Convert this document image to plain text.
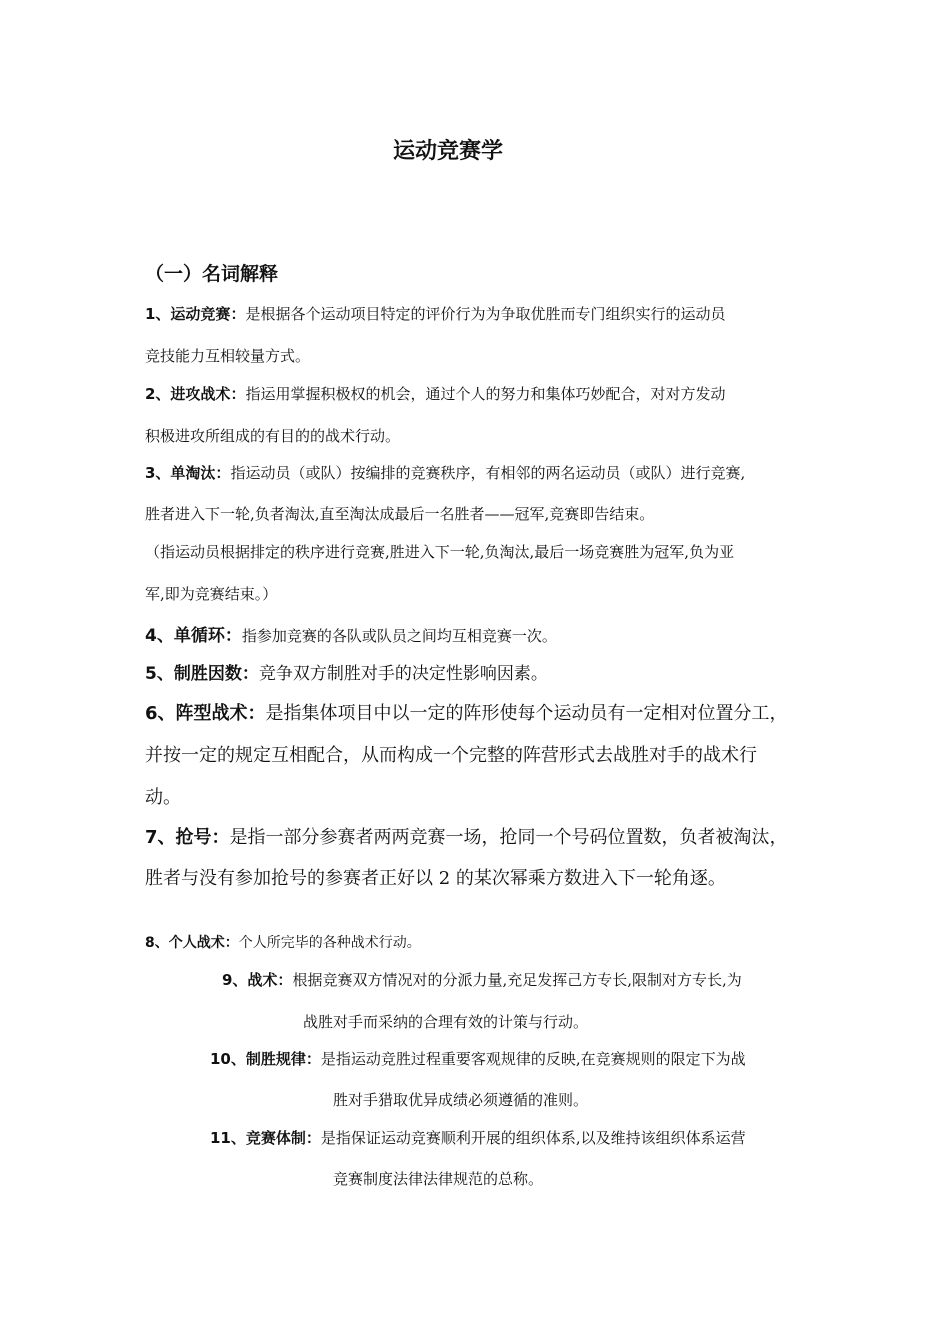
运动竞赛学
（一）名词解释
1、运动竞赛：是根据各个运动项目特定的评价行为为争取优胜而专门组织实行的运动员
竞技能力互相较量方式。
2、进攻战术：指运用掌握积极权的机会，通过个人的努力和集体巧妙配合，对对方发动
积极进攻所组成的有目的的战术行动。
3、单淘汰：指运动员（或队）按编排的竞赛秩序，有相邻的两名运动员（或队）进行竞赛,
胜者进入下一轮,负者淘汰,直至淘汰成最后一名胜者——冠军,竞赛即告结束。
（指运动员根据排定的秩序进行竞赛,胜进入下一轮,负淘汰,最后一场竞赛胜为冠军,负为亚
军,即为竞赛结束。）
4、单循环：指参加竞赛的各队或队员之间均互相竞赛一次。
5、制胜因数：竞争双方制胜对手的决定性影响因素。
6、阵型战术：是指集体项目中以一定的阵形使每个运动员有一定相对位置分工，
并按一定的规定互相配合，从而构成一个完整的阵营形式去战胜对手的战术行
动。
7、抢号：是指一部分参赛者两两竞赛一场，抢同一个号码位置数，负者被淘汰，
胜者与没有参加抢号的参赛者正好以 2 的某次幂乘方数进入下一轮角逐。
8、个人战术：个人所完毕的各种战术行动。
9、战术：根据竞赛双方情况对的分派力量,充足发挥己方专长,限制对方专长,为
战胜对手而采纳的合理有效的计策与行动。
10、制胜规律：是指运动竞胜过程重要客观规律的反映,在竞赛规则的限定下为战
胜对手猎取优异成绩必须遵循的准则。
11、竞赛体制：是指保证运动竞赛顺利开展的组织体系,以及维持该组织体系运营
竞赛制度法律法律规范的总称。
